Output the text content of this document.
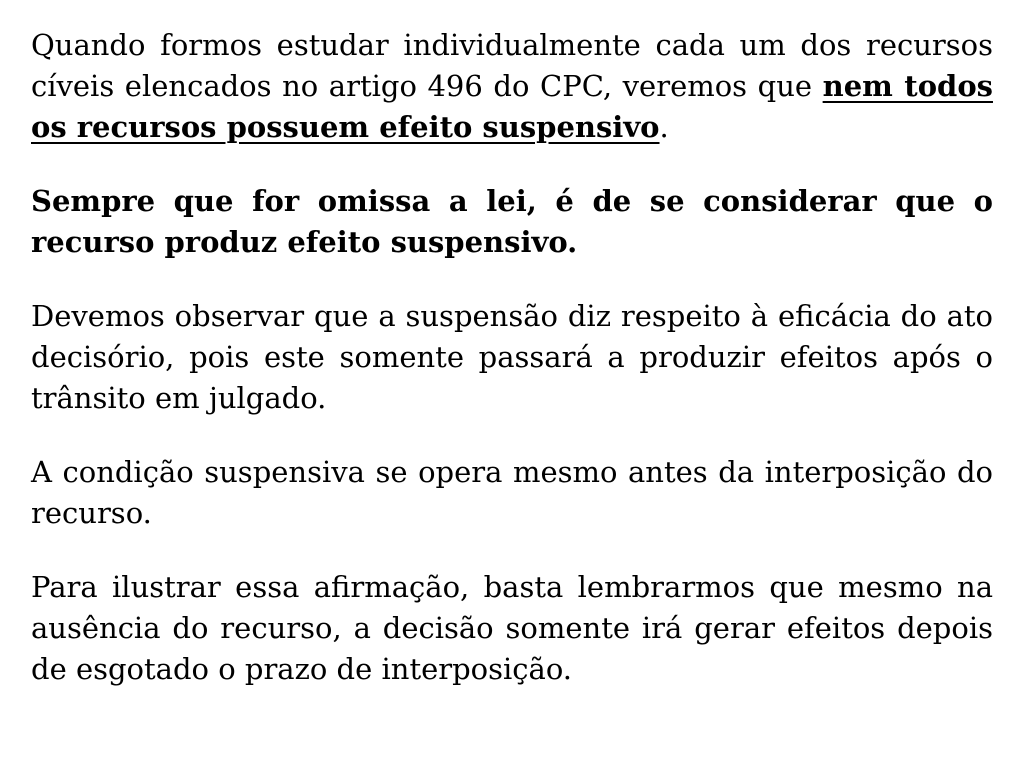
Quando formos estudar individualmente cada um dos recursos cíveis elencados no artigo 496 do CPC, veremos que nem todos os recursos possuem efeito suspensivo.

Sempre que for omissa a lei, é de se considerar que o recurso produz efeito suspensivo.

Devemos observar que a suspensão diz respeito à eficácia do ato decisório, pois este somente passará a produzir efeitos após o trânsito em julgado.

A condição suspensiva se opera mesmo antes da interposição do recurso.

Para ilustrar essa afirmação, basta lembrarmos que mesmo na ausência do recurso, a decisão somente irá gerar efeitos depois de esgotado o prazo de interposição.
